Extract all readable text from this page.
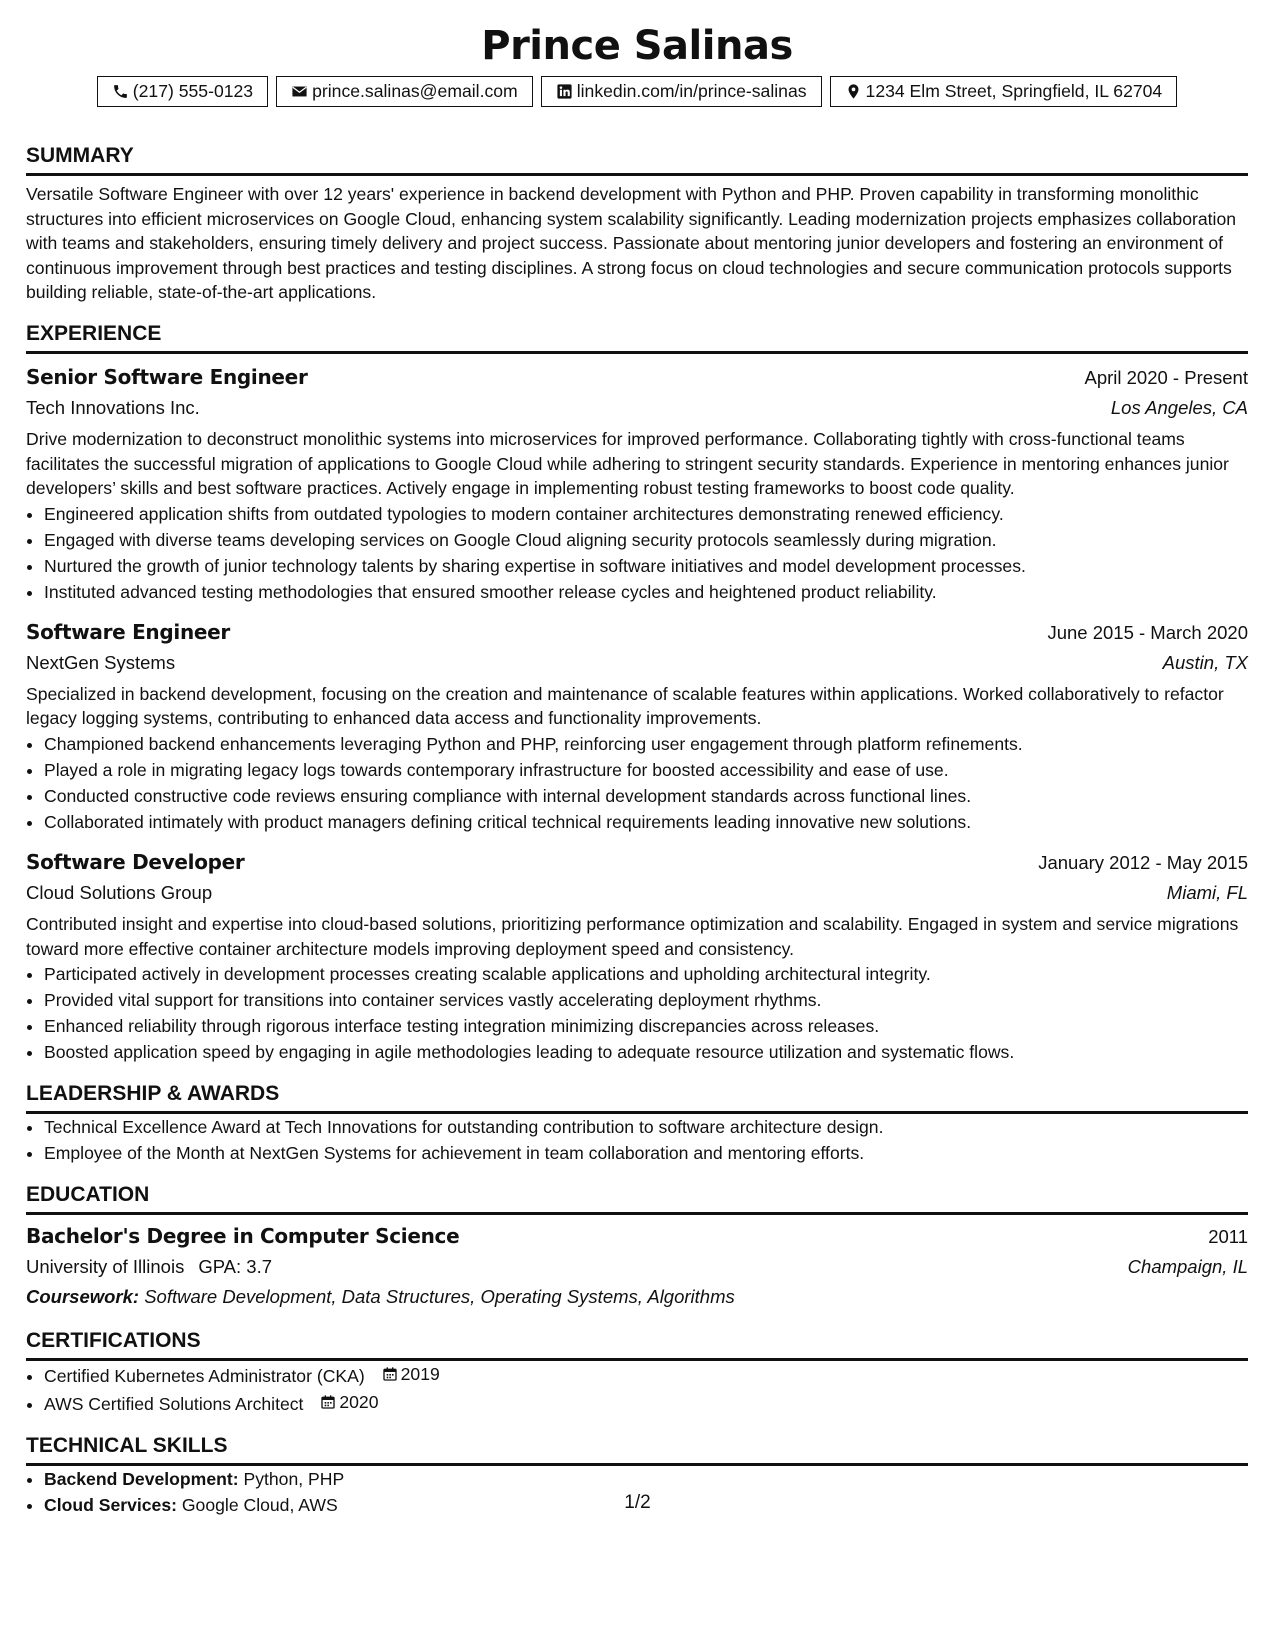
Prince Salinas
(217) 555-0123	prince.salinas@email.com	linkedin.com/in/prince-salinas	1234 Elm Street, Springfield, IL 62704
SUMMARY

Versatile Software Engineer with over 12 years' experience in backend development with Python and PHP. Proven capability in transforming monolithic structures into efficient microservices on Google Cloud, enhancing system scalability significantly. Leading modernization projects emphasizes collaboration with teams and stakeholders, ensuring timely delivery and project success. Passionate about mentoring junior developers and fostering an environment of continuous improvement through best practices and testing disciplines. A strong focus on cloud technologies and secure communication protocols supports building reliable, state-of-the-art applications.

EXPERIENCE
Senior Software Engineer	April 2020 - Present
Tech Innovations Inc.	Los Angeles, CA

Drive modernization to deconstruct monolithic systems into microservices for improved performance. Collaborating tightly with cross-functional teams facilitates the successful migration of applications to Google Cloud while adhering to stringent security standards. Experience in mentoring enhances junior developers’ skills and best software practices. Actively engage in implementing robust testing frameworks to boost code quality.

• Engineered application shifts from outdated typologies to modern container architectures demonstrating renewed efficiency.
• Engaged with diverse teams developing services on Google Cloud aligning security protocols seamlessly during migration.
• Nurtured the growth of junior technology talents by sharing expertise in software initiatives and model development processes.
• Instituted advanced testing methodologies that ensured smoother release cycles and heightened product reliability.
Software Engineer	June 2015 - March 2020
NextGen Systems	Austin, TX

Specialized in backend development, focusing on the creation and maintenance of scalable features within applications. Worked collaboratively to refactor legacy logging systems, contributing to enhanced data access and functionality improvements.

• Championed backend enhancements leveraging Python and PHP, reinforcing user engagement through platform refinements.
• Played a role in migrating legacy logs towards contemporary infrastructure for boosted accessibility and ease of use.
• Conducted constructive code reviews ensuring compliance with internal development standards across functional lines.
• Collaborated intimately with product managers defining critical technical requirements leading innovative new solutions.
Software Developer	January 2012 - May 2015
Cloud Solutions Group	Miami, FL

Contributed insight and expertise into cloud-based solutions, prioritizing performance optimization and scalability. Engaged in system and service migrations toward more effective container architecture models improving deployment speed and consistency.

• Participated actively in development processes creating scalable applications and upholding architectural integrity.
• Provided vital support for transitions into container services vastly accelerating deployment rhythms.
• Enhanced reliability through rigorous interface testing integration minimizing discrepancies across releases.
• Boosted application speed by engaging in agile methodologies leading to adequate resource utilization and systematic flows.
LEADERSHIP & AWARDS
• Technical Excellence Award at Tech Innovations for outstanding contribution to software architecture design.
• Employee of the Month at NextGen Systems for achievement in team collaboration and mentoring efforts.
EDUCATION
Bachelor's Degree in Computer Science	2011
University of Illinois GPA: 3.7	Champaign, IL
Coursework: Software Development, Data Structures, Operating Systems, Algorithms
CERTIFICATIONS
• Certified Kubernetes Administrator (CKA) 2019
• AWS Certified Solutions Architect 2020
TECHNICAL SKILLS
• Backend Development: Python, PHP
• Cloud Services: Google Cloud, AWS	1/2
